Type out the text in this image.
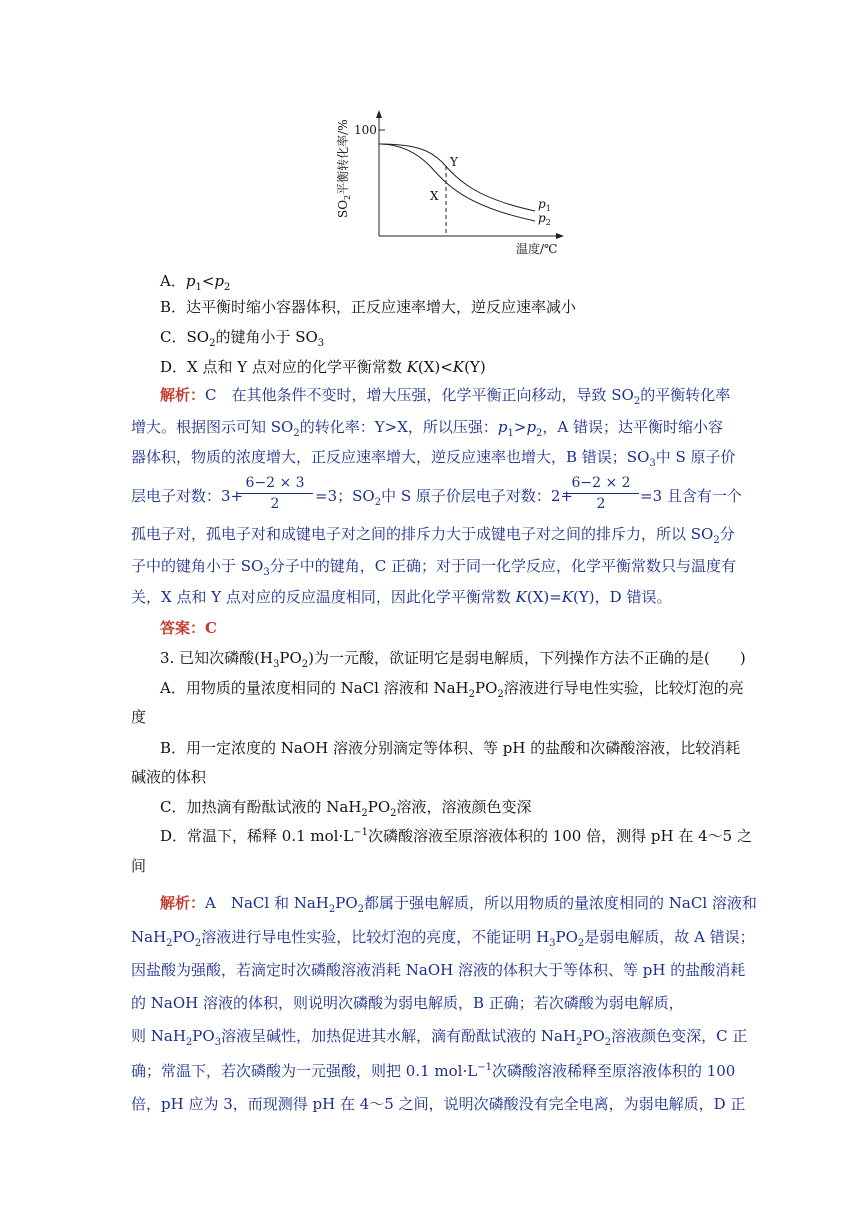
$SO_2$平衡转化率/% 100
Y
X
$p_1$
$p_2$
温度/℃
A．$p_1<p_2$
B．达平衡时缩小容器体积，正反应速率增大，逆反应速率减小
C．$SO_2$的键角小于 $SO_3$
D．X 点和 Y 点对应的化学平衡常数 K(X)<K(Y)
解析：C　在其他条件不变时，增大压强，化学平衡正向移动，导致 $SO_2$的平衡转化率
增大。根据图示可知 $SO_2$的转化率：Y>X，所以压强：$p_1>p_2$，A 错误；达平衡时缩小容
器体积，物质的浓度增大，正反应速率增大，逆反应速率也增大，B 错误；$SO_3$中 S 原子价
层电子对数：3+
6−2 × 3
2	=3；$SO_2$中 S 原子价层电子对数：2+
6−2 × 2
2	=3 且含有一个
孤电子对，孤电子对和成键电子对之间的排斥力大于成键电子对之间的排斥力，所以 $SO_2$分
子中的键角小于 $SO_3$分子中的键角，C 正确；对于同一化学反应，化学平衡常数只与温度有
关，X 点和 Y 点对应的反应温度相同，因此化学平衡常数 K(X)=K(Y)，D 错误。
答案：C
3. 已知次磷酸$(H_3PO_2)$为一元酸，欲证明它是弱电解质，下列操作方法不正确的是(　　)
A．用物质的量浓度相同的 NaCl 溶液和 $NaH_2PO_2$溶液进行导电性实验，比较灯泡的亮
度
B．用一定浓度的 NaOH 溶液分别滴定等体积、等 pH 的盐酸和次磷酸溶液，比较消耗
碱液的体积
C．加热滴有酚酞试液的 $NaH_2PO_2$溶液，溶液颜色变深
D．常温下，稀释 0.1 $mol\cdot L^{-1}$次磷酸溶液至原溶液体积的 100 倍，测得 pH 在 4～5 之
间
解析：A　NaCl 和 $NaH_2PO_2$都属于强电解质，所以用物质的量浓度相同的 NaCl 溶液和
$NaH_2PO_2$溶液进行导电性实验，比较灯泡的亮度，不能证明 $H_3PO_2$是弱电解质，故 A 错误；
因盐酸为强酸，若滴定时次磷酸溶液消耗 NaOH 溶液的体积大于等体积、等 pH 的盐酸消耗
的 NaOH 溶液的体积，则说明次磷酸为弱电解质，B 正确；若次磷酸为弱电解质，
则 $NaH_2PO_3$溶液呈碱性，加热促进其水解，滴有酚酞试液的 $NaH_2PO_2$溶液颜色变深，C 正
确；常温下，若次磷酸为一元强酸，则把 0.1 $mol\cdot L^{-1}$次磷酸溶液稀释至原溶液体积的 100
倍，pH 应为 3，而现测得 pH 在 4～5 之间，说明次磷酸没有完全电离，为弱电解质，D 正
